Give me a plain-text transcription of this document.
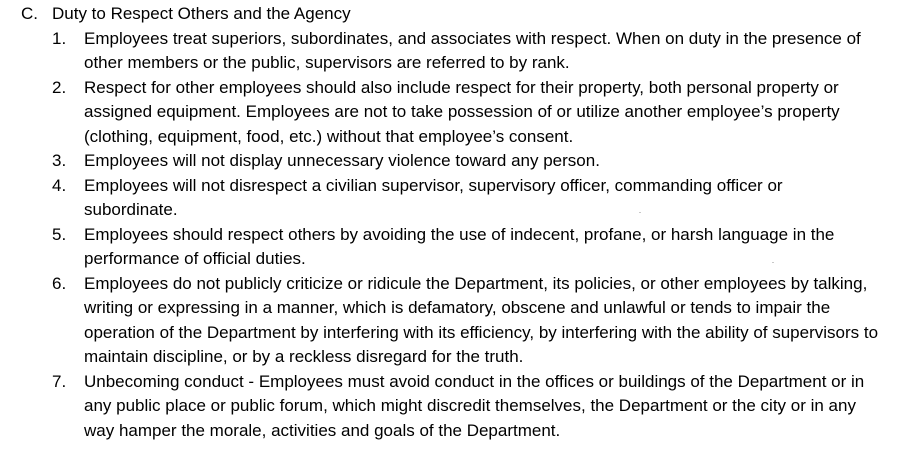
C. Duty to Respect Others and the Agency

1. Employees treat superiors, subordinates, and associates with respect. When on duty in the presence of other members or the public, supervisors are referred to by rank.

2. Respect for other employees should also include respect for their property, both personal property or assigned equipment. Employees are not to take possession of or utilize another employee’s property (clothing, equipment, food, etc.) without that employee’s consent.

3. Employees will not display unnecessary violence toward any person.

4. Employees will not disrespect a civilian supervisor, supervisory officer, commanding officer or subordinate.

5. Employees should respect others by avoiding the use of indecent, profane, or harsh language in the performance of official duties.

6. Employees do not publicly criticize or ridicule the Department, its policies, or other employees by talking, writing or expressing in a manner, which is defamatory, obscene and unlawful or tends to impair the operation of the Department by interfering with its efficiency, by interfering with the ability of supervisors to maintain discipline, or by a reckless disregard for the truth.

7. Unbecoming conduct - Employees must avoid conduct in the offices or buildings of the Department or in any public place or public forum, which might discredit themselves, the Department or the city or in any way hamper the morale, activities and goals of the Department.
